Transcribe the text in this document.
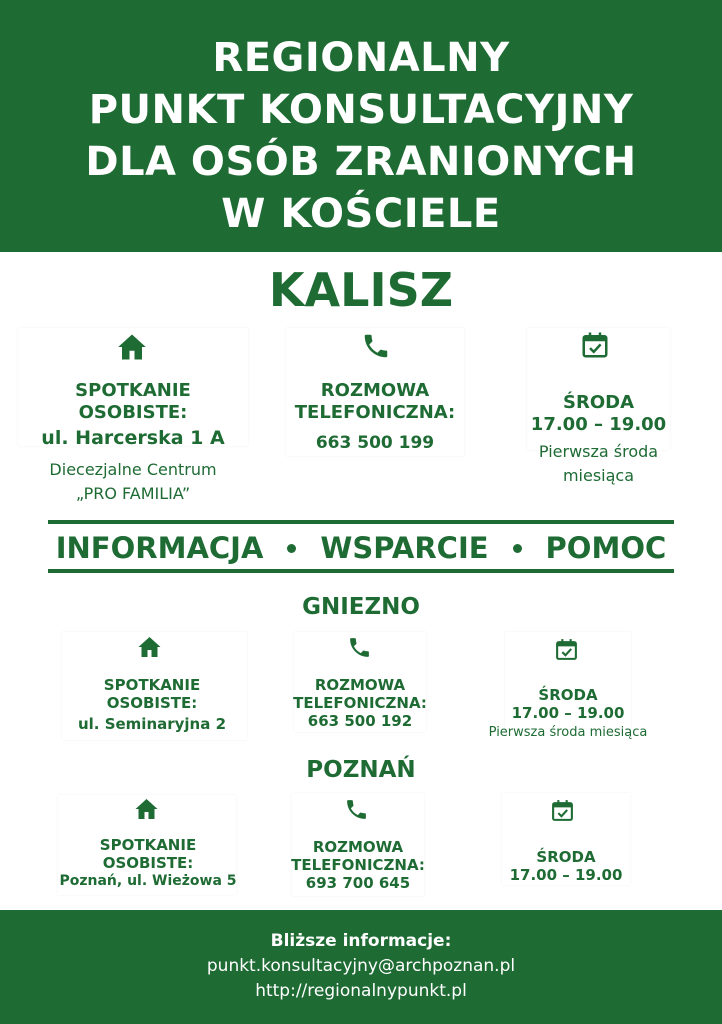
REGIONALNY
PUNKT KONSULTACYJNY
DLA OSÓB ZRANIONYCH
W KOŚCIELE
KALISZ
SPOTKANIE
OSOBISTE:
ul. Harcerska 1 A
Diecezjalne Centrum
„PRO FAMILIA”
ROZMOWA
TELEFONICZNA:
663 500 199
ŚRODA
17.00 – 19.00
Pierwsza środa
miesiąca
INFORMACJA WSPARCIE POMOC
GNIEZNO
SPOTKANIE
OSOBISTE:
ul. Seminaryjna 2
ROZMOWA
TELEFONICZNA:
663 500 192
ŚRODA
17.00 – 19.00
Pierwsza środa miesiąca
POZNAŃ
SPOTKANIE
OSOBISTE:
Poznań, ul. Wieżowa 5
ROZMOWA
TELEFONICZNA:
693 700 645
ŚRODA
17.00 – 19.00
Bliższe informacje:
punkt.konsultacyjny@archpoznan.pl
http://regionalnypunkt.pl
